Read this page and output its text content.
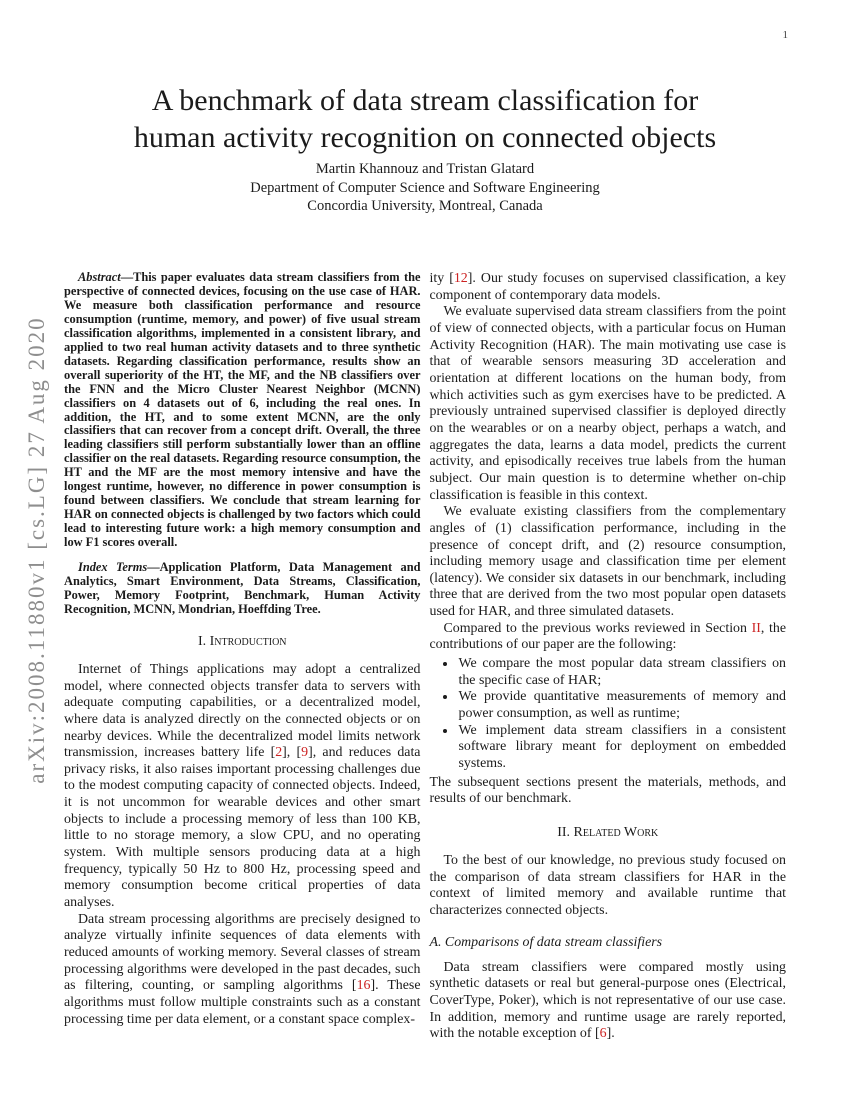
1
arXiv:2008.11880v1 [cs.LG] 27 Aug 2020
A benchmark of data stream classification for
human activity recognition on connected objects
Martin Khannouz and Tristan Glatard
Department of Computer Science and Software Engineering
Concordia University, Montreal, Canada

Abstract—This paper evaluates data stream classifiers from the perspective of connected devices, focusing on the use case of HAR. We measure both classification performance and resource consumption (runtime, memory, and power) of five usual stream classification algorithms, implemented in a consistent library, and applied to two real human activity datasets and to three synthetic datasets. Regarding classification performance, results show an overall superiority of the HT, the MF, and the NB classifiers over the FNN and the Micro Cluster Nearest Neighbor (MCNN) classifiers on 4 datasets out of 6, including the real ones. In addition, the HT, and to some extent MCNN, are the only classifiers that can recover from a concept drift. Overall, the three leading classifiers still perform substantially lower than an offline classifier on the real datasets. Regarding resource consumption, the HT and the MF are the most memory intensive and have the longest runtime, however, no difference in power consumption is found between classifiers. We conclude that stream learning for HAR on connected objects is challenged by two factors which could lead to interesting future work: a high memory consumption and low F1 scores overall.

Index Terms—Application Platform, Data Management and Analytics, Smart Environment, Data Streams, Classification, Power, Memory Footprint, Benchmark, Human Activity Recognition, MCNN, Mondrian, Hoeffding Tree.

I. Introduction

Internet of Things applications may adopt a centralized model, where connected objects transfer data to servers with adequate computing capabilities, or a decentralized model, where data is analyzed directly on the connected objects or on nearby devices. While the decentralized model limits network transmission, increases battery life [2], [9], and reduces data privacy risks, it also raises important processing challenges due to the modest computing capacity of connected objects. Indeed, it is not uncommon for wearable devices and other smart objects to include a processing memory of less than 100 KB, little to no storage memory, a slow CPU, and no operating system. With multiple sensors producing data at a high frequency, typically 50 Hz to 800 Hz, processing speed and memory consumption become critical properties of data analyses.

Data stream processing algorithms are precisely designed to analyze virtually infinite sequences of data elements with reduced amounts of working memory. Several classes of stream processing algorithms were developed in the past decades, such as filtering, counting, or sampling algorithms [16]. These algorithms must follow multiple constraints such as a constant processing time per data element, or a constant space complex-

ity [12]. Our study focuses on supervised classification, a key component of contemporary data models.

We evaluate supervised data stream classifiers from the point of view of connected objects, with a particular focus on Human Activity Recognition (HAR). The main motivating use case is that of wearable sensors measuring 3D acceleration and orientation at different locations on the human body, from which activities such as gym exercises have to be predicted. A previously untrained supervised classifier is deployed directly on the wearables or on a nearby object, perhaps a watch, and aggregates the data, learns a data model, predicts the current activity, and episodically receives true labels from the human subject. Our main question is to determine whether on-chip classification is feasible in this context.

We evaluate existing classifiers from the complementary angles of (1) classification performance, including in the presence of concept drift, and (2) resource consumption, including memory usage and classification time per element (latency). We consider six datasets in our benchmark, including three that are derived from the two most popular open datasets used for HAR, and three simulated datasets.

Compared to the previous works reviewed in Section II, the contributions of our paper are the following:

• We compare the most popular data stream classifiers on the specific case of HAR;
• We provide quantitative measurements of memory and power consumption, as well as runtime;
• We implement data stream classifiers in a consistent software library meant for deployment on embedded systems.

The subsequent sections present the materials, methods, and results of our benchmark.

II. Related Work

To the best of our knowledge, no previous study focused on the comparison of data stream classifiers for HAR in the context of limited memory and available runtime that characterizes connected objects.

A. Comparisons of data stream classifiers

Data stream classifiers were compared mostly using synthetic datasets or real but general-purpose ones (Electrical, CoverType, Poker), which is not representative of our use case. In addition, memory and runtime usage are rarely reported, with the notable exception of [6].
